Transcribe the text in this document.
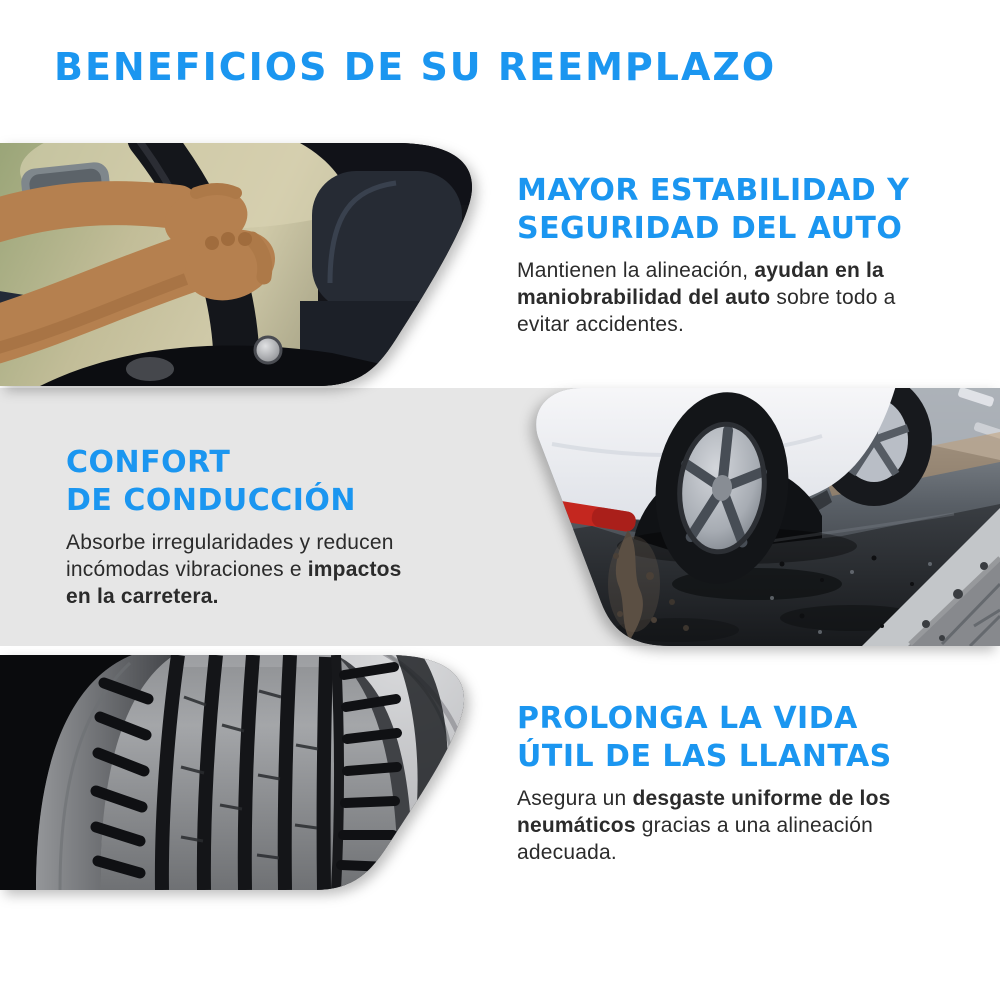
BENEFICIOS DE SU REEMPLAZO
MAYOR ESTABILIDAD Y
SEGURIDAD DEL AUTO
Mantienen la alineación, ayudan en la
maniobrabilidad del auto sobre todo a
evitar accidentes.
CONFORT
DE CONDUCCIÓN
Absorbe irregularidades y reducen
incómodas vibraciones e impactos
en la carretera.
PROLONGA LA VIDA
ÚTIL DE LAS LLANTAS
Asegura un desgaste uniforme de los
neumáticos gracias a una alineación
adecuada.
